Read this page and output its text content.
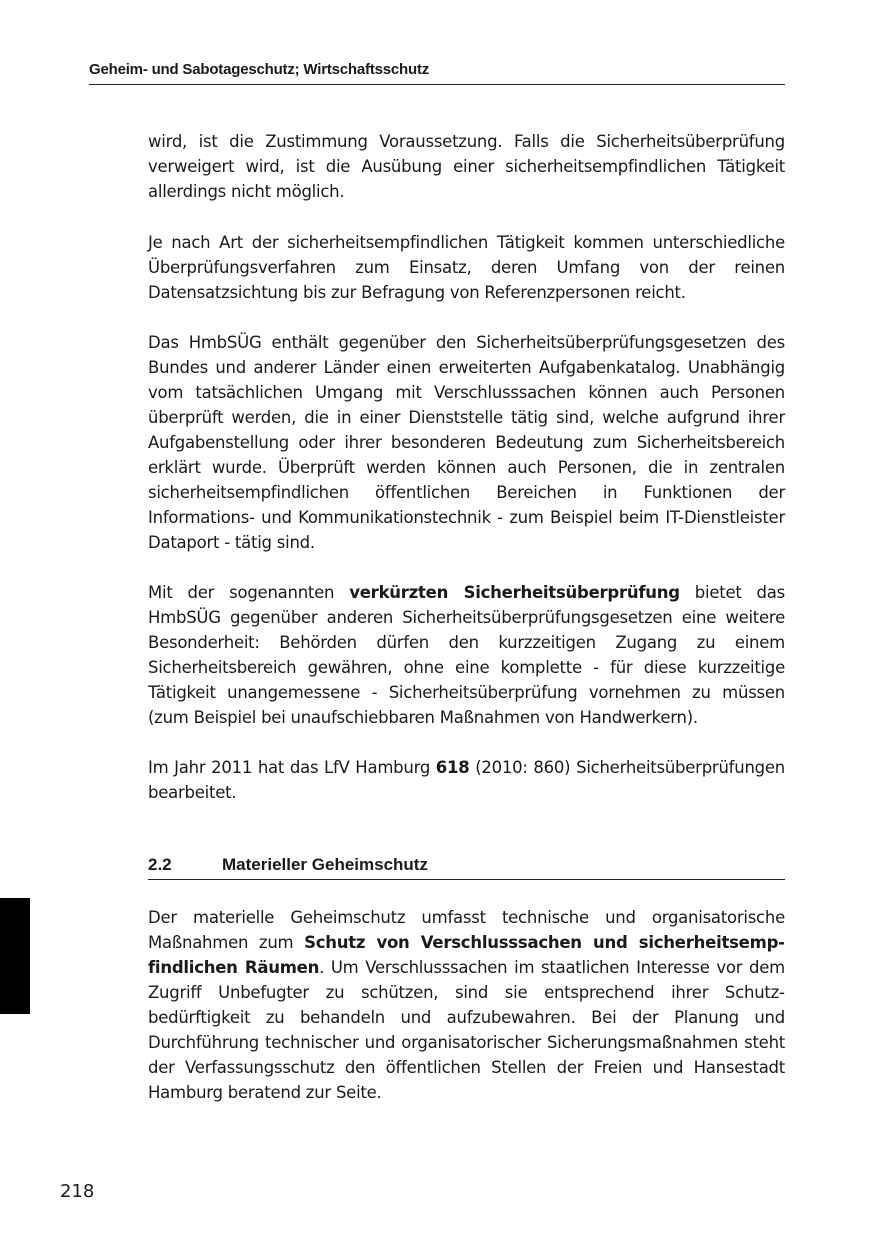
Geheim- und Sabotageschutz; Wirtschaftsschutz

wird, ist die Zustimmung Voraussetzung. Falls die Sicherheitsüberprüfung verweigert wird, ist die Ausübung einer sicherheitsempfindlichen Tätigkeit allerdings nicht möglich.

Je nach Art der sicherheitsempfindlichen Tätigkeit kommen unterschiedliche Überprüfungsverfahren zum Einsatz, deren Umfang von der reinen Datensatzsichtung bis zur Befragung von Referenzpersonen reicht.

Das HmbSÜG enthält gegenüber den Sicherheitsüberprüfungsgesetzen des Bundes und anderer Länder einen erweiterten Aufgabenkatalog. Unabhängig vom tatsächlichen Umgang mit Verschlusssachen können auch Personen überprüft werden, die in einer Dienststelle tätig sind, welche aufgrund ihrer Aufgabenstellung oder ihrer besonderen Bedeutung zum Sicherheitsbereich erklärt wurde. Überprüft werden können auch Personen, die in zentralen sicherheitsempfindlichen öffentlichen Bereichen in Funktionen der Informations- und Kommunikationstechnik - zum Beispiel beim IT-Dienstleister Dataport - tätig sind.

Mit der sogenannten verkürzten Sicherheitsüberprüfung bietet das HmbSÜG gegenüber anderen Sicherheitsüberprüfungsgesetzen eine weitere Besonderheit: Behörden dürfen den kurzzeitigen Zugang zu einem Sicherheitsbereich gewähren, ohne eine komplette - für diese kurzzeitige Tätigkeit unangemessene - Sicherheitsüberprüfung vornehmen zu müssen (zum Beispiel bei unaufschiebbaren Maßnahmen von Handwerkern).

Im Jahr 2011 hat das LfV Hamburg 618 (2010: 860) Sicherheitsüberprüfungen bearbeitet.

2.2	Materieller Geheimschutz

Der materielle Geheimschutz umfasst technische und organisatorische Maßnahmen zum Schutz von Verschlusssachen und sicherheitsempfindlichen Räumen. Um Verschlusssachen im staatlichen Interesse vor dem Zugriff Unbefugter zu schützen, sind sie entsprechend ihrer Schutzbedürftigkeit zu behandeln und aufzubewahren. Bei der Planung und Durchführung technischer und organisatorischer Sicherungsmaßnahmen steht der Verfassungsschutz den öffentlichen Stellen der Freien und Hansestadt Hamburg beratend zur Seite.

218
